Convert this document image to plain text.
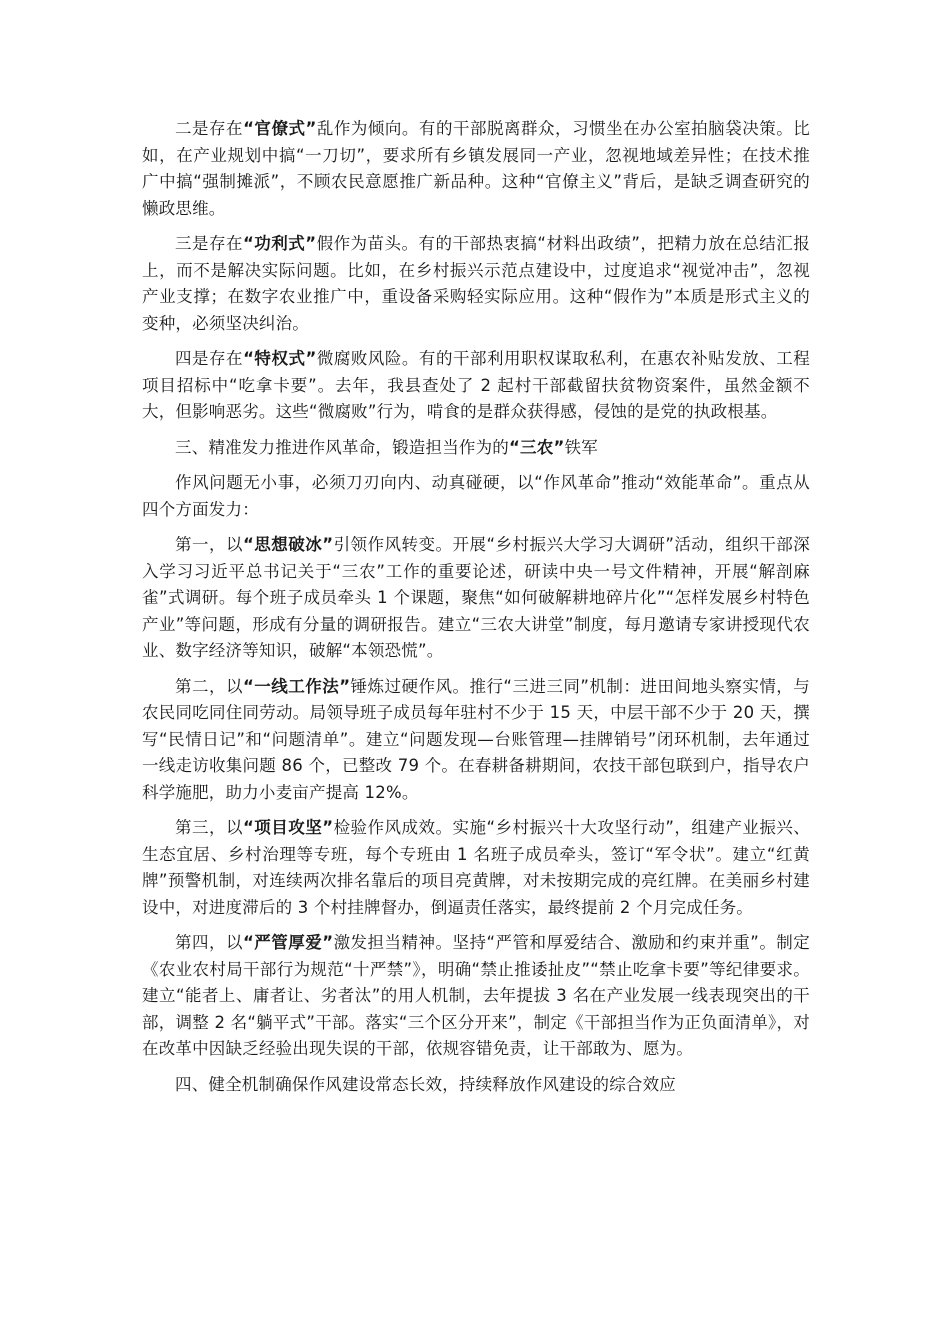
二是存在“官僚式”乱作为倾向。有的干部脱离群众，习惯坐在办公室拍脑袋决策。比如，在产业规划中搞“一刀切”，要求所有乡镇发展同一产业，忽视地域差异性；在技术推广中搞“强制摊派”，不顾农民意愿推广新品种。这种“官僚主义”背后，是缺乏调查研究的懒政思维。

三是存在“功利式”假作为苗头。有的干部热衷搞“材料出政绩”，把精力放在总结汇报上，而不是解决实际问题。比如，在乡村振兴示范点建设中，过度追求“视觉冲击”，忽视产业支撑；在数字农业推广中，重设备采购轻实际应用。这种“假作为”本质是形式主义的变种，必须坚决纠治。

四是存在“特权式”微腐败风险。有的干部利用职权谋取私利，在惠农补贴发放、工程项目招标中“吃拿卡要”。去年，我县查处了 2 起村干部截留扶贫物资案件，虽然金额不大，但影响恶劣。这些“微腐败”行为，啃食的是群众获得感，侵蚀的是党的执政根基。

三、精准发力推进作风革命，锻造担当作为的“三农”铁军

作风问题无小事，必须刀刃向内、动真碰硬，以“作风革命”推动“效能革命”。重点从四个方面发力：

第一，以“思想破冰”引领作风转变。开展“乡村振兴大学习大调研”活动，组织干部深入学习习近平总书记关于“三农”工作的重要论述，研读中央一号文件精神，开展“解剖麻雀”式调研。每个班子成员牵头 1 个课题，聚焦“如何破解耕地碎片化”“怎样发展乡村特色产业”等问题，形成有分量的调研报告。建立“三农大讲堂”制度，每月邀请专家讲授现代农业、数字经济等知识，破解“本领恐慌”。

第二，以“一线工作法”锤炼过硬作风。推行“三进三同”机制：进田间地头察实情，与农民同吃同住同劳动。局领导班子成员每年驻村不少于 15 天，中层干部不少于 20 天，撰写“民情日记”和“问题清单”。建立“问题发现—台账管理—挂牌销号”闭环机制，去年通过一线走访收集问题 86 个，已整改 79 个。在春耕备耕期间，农技干部包联到户，指导农户科学施肥，助力小麦亩产提高 12%。

第三，以“项目攻坚”检验作风成效。实施“乡村振兴十大攻坚行动”，组建产业振兴、生态宜居、乡村治理等专班，每个专班由 1 名班子成员牵头，签订“军令状”。建立“红黄牌”预警机制，对连续两次排名靠后的项目亮黄牌，对未按期完成的亮红牌。在美丽乡村建设中，对进度滞后的 3 个村挂牌督办，倒逼责任落实，最终提前 2 个月完成任务。

第四，以“严管厚爱”激发担当精神。坚持“严管和厚爱结合、激励和约束并重”。制定《农业农村局干部行为规范“十严禁”》，明确“禁止推诿扯皮”“禁止吃拿卡要”等纪律要求。建立“能者上、庸者让、劣者汰”的用人机制，去年提拔 3 名在产业发展一线表现突出的干部，调整 2 名“躺平式”干部。落实“三个区分开来”，制定《干部担当作为正负面清单》，对在改革中因缺乏经验出现失误的干部，依规容错免责，让干部敢为、愿为。

四、健全机制确保作风建设常态长效，持续释放作风建设的综合效应
